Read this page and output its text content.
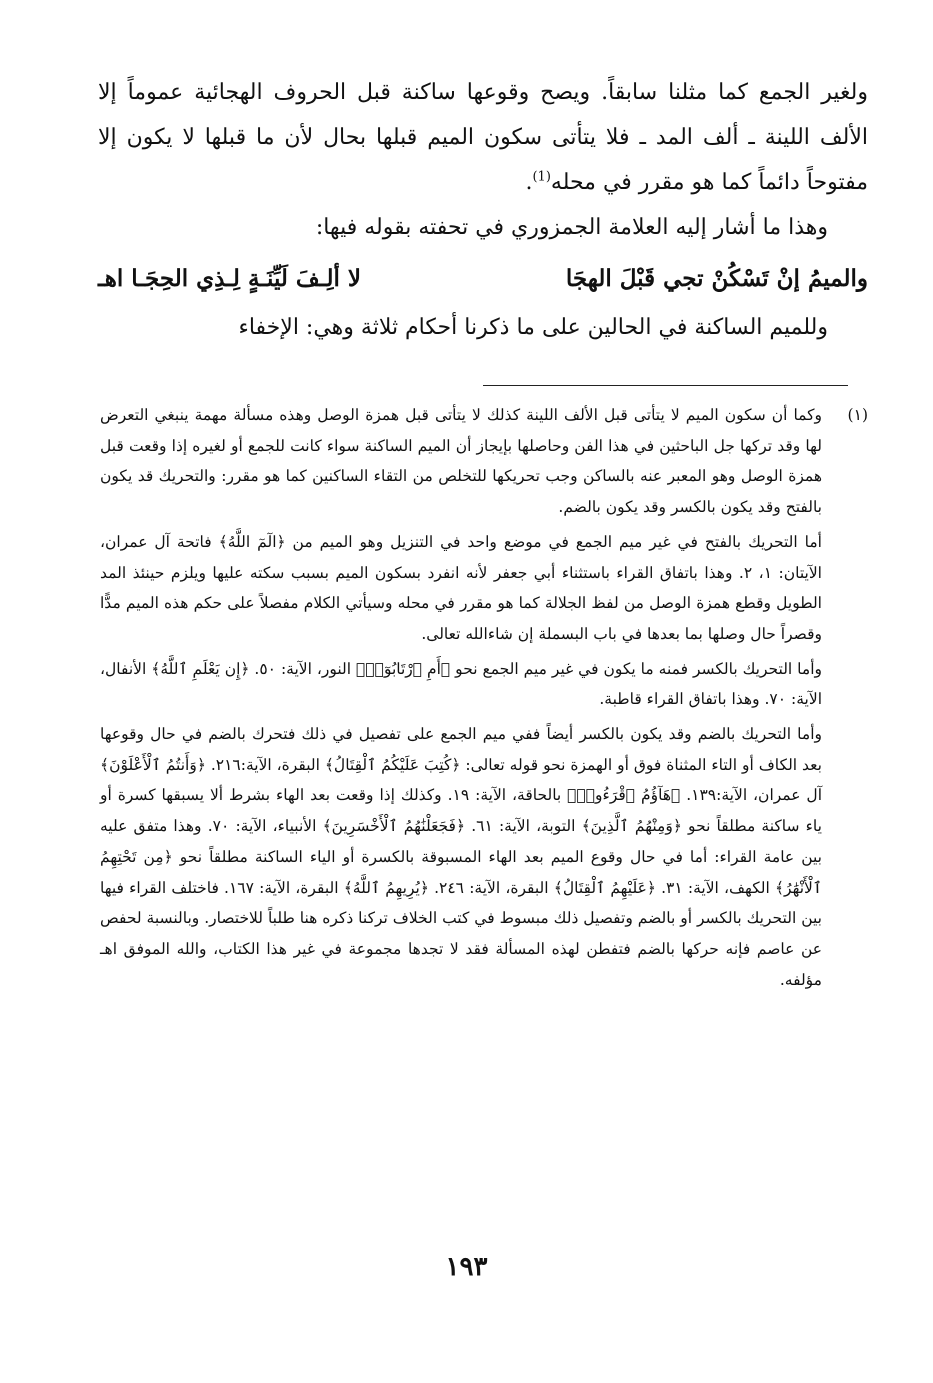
ولغير الجمع كما مثلنا سابقاً. ويصح وقوعها ساكنة قبل الحروف الهجائية عموماً إلا الألف اللينة ـ ألف المد ـ فلا يتأتى سكون الميم قبلها بحال لأن ما قبلها لا يكون إلا مفتوحاً دائماً كما هو مقرر في محله$^{(1)}$.

وهذا ما أشار إليه العلامة الجمزوري في تحفته بقوله فيها:

والميمُ إنْ تَسْكُنْ تجي قَبْلَ الهجَا
لا ألِـفَ لَيِّنَـةٍ لِـذِي الحِجَـا اهـ

وللميم الساكنة في الحالين على ما ذكرنا أحكام ثلاثة وهي: الإخفاء

(١)

وكما أن سكون الميم لا يتأتى قبل الألف اللينة كذلك لا يتأتى قبل همزة الوصل وهذه مسألة مهمة ينبغي التعرض لها وقد تركها جل الباحثين في هذا الفن وحاصلها بإيجاز أن الميم الساكنة سواء كانت للجمع أو لغيره إذا وقعت قبل همزة الوصل وهو المعبر عنه بالساكن وجب تحريكها للتخلص من التقاء الساكنين كما هو مقرر: والتحريك قد يكون بالفتح وقد يكون بالكسر وقد يكون بالضم.

أما التحريك بالفتح في غير ميم الجمع في موضع واحد في التنزيل وهو الميم من ﴿الٓمٓ اللَّهُ﴾ فاتحة آل عمران، الآيتان: ١، ٢. وهذا باتفاق القراء باستثناء أبي جعفر لأنه انفرد بسكون الميم بسبب سكته عليها ويلزم حينئذ المد الطويل وقطع همزة الوصل من لفظ الجلالة كما هو مقرر في محله وسيأتي الكلام مفصلاً على حكم هذه الميم مدًّا وقصراً حال وصلها بما بعدها في باب البسملة إن شاءالله تعالى.

وأما التحريك بالكسر فمنه ما يكون في غير ميم الجمع نحو ﴿أَمِ ٱرْتَابُوٓا۟﴾ النور، الآية: ٥٠. ﴿إِن يَعْلَمِ ٱللَّهُ﴾ الأنفال، الآية: ٧٠. وهذا باتفاق القراء قاطبة.

وأما التحريك بالضم وقد يكون بالكسر أيضاً ففي ميم الجمع على تفصيل في ذلك فتحرك بالضم في حال وقوعها بعد الكاف أو التاء المثناة فوق أو الهمزة نحو قوله تعالى: ﴿كُتِبَ عَلَيْكُمُ ٱلْقِتَالُ﴾ البقرة، الآية:٢١٦. ﴿وَأَنتُمُ ٱلْأَعْلَوْنَ﴾ آل عمران، الآية:١٣٩. ﴿هَآؤُمُ ٱقْرَءُوا۟﴾ بالحاقة، الآية: ١٩. وكذلك إذا وقعت بعد الهاء بشرط ألا يسبقها كسرة أو ياء ساكنة مطلقاً نحو ﴿وَمِنْهُمُ ٱلَّذِينَ﴾ التوبة، الآية: ٦١. ﴿فَجَعَلْنَٰهُمُ ٱلْأَخْسَرِينَ﴾ الأنبياء، الآية: ٧٠. وهذا متفق عليه بين عامة القراء: أما في حال وقوع الميم بعد الهاء المسبوقة بالكسرة أو الياء الساكنة مطلقاً نحو ﴿مِن تَحْتِهِمُ ٱلْأَنْهَٰرُ﴾ الكهف، الآية: ٣١. ﴿عَلَيْهِمُ ٱلْقِتَالُ﴾ البقرة، الآية: ٢٤٦. ﴿يُرِيهِمُ ٱللَّهُ﴾ البقرة، الآية: ١٦٧. فاختلف القراء فيها بين التحريك بالكسر أو بالضم وتفصيل ذلك مبسوط في كتب الخلاف تركنا ذكره هنا طلباً للاختصار. وبالنسبة لحفص عن عاصم فإنه حركها بالضم فتفطن لهذه المسألة فقد لا تجدها مجموعة في غير هذا الكتاب، والله الموفق اهـ مؤلفه.

١٩٣
